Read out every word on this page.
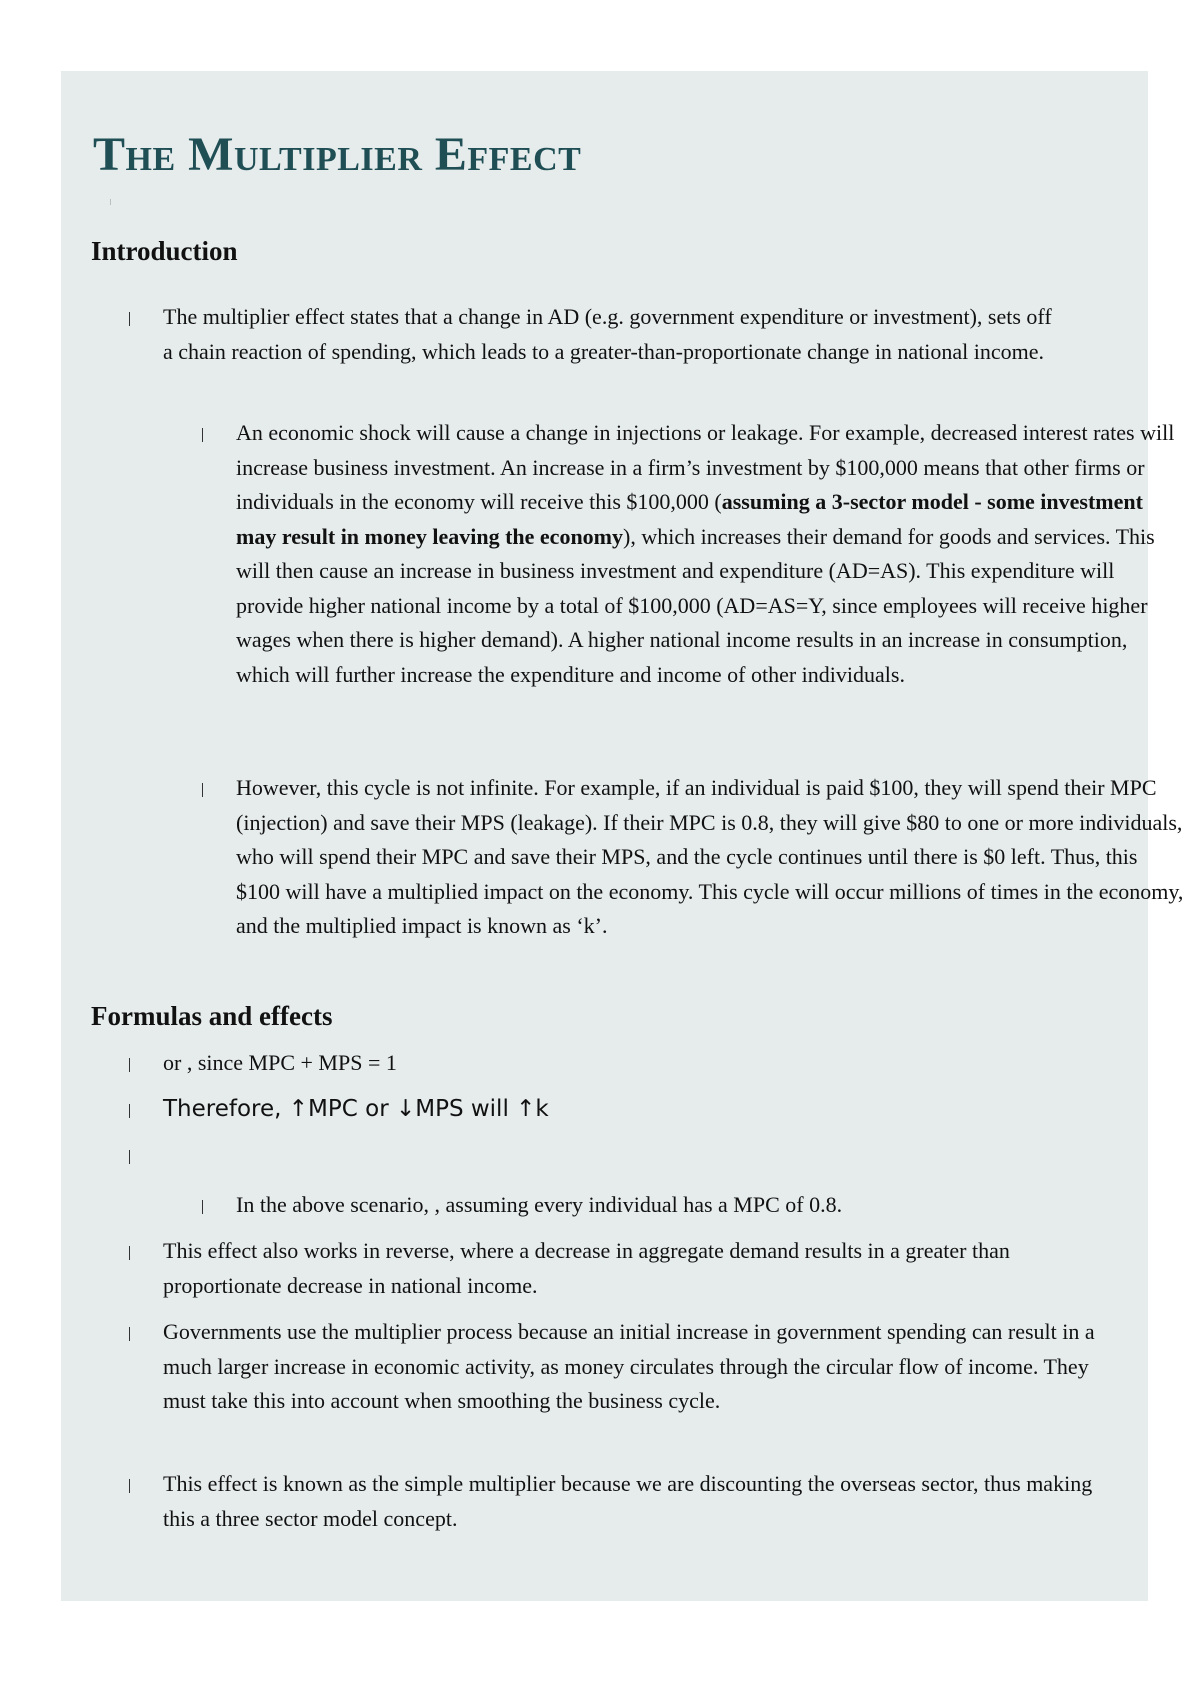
The Multiplier Effect
Introduction
The multiplier effect states that a change in AD (e.g. government expenditure or investment), sets off a chain reaction of spending, which leads to a greater-than-proportionate change in national income.
An economic shock will cause a change in injections or leakage. For example, decreased interest rates will increase business investment. An increase in a firm’s investment by $100,000 means that other firms or individuals in the economy will receive this $100,000 (assuming a 3-sector model - some investment may result in money leaving the economy), which increases their demand for goods and services. This will then cause an increase in business investment and expenditure (AD=AS). This expenditure will provide higher national income by a total of $100,000 (AD=AS=Y, since employees will receive higher wages when there is higher demand). A higher national income results in an increase in consumption, which will further increase the expenditure and income of other individuals.
However, this cycle is not infinite. For example, if an individual is paid $100, they will spend their MPC (injection) and save their MPS (leakage). If their MPC is 0.8, they will give $80 to one or more individuals, who will spend their MPC and save their MPS, and the cycle continues until there is $0 left. Thus, this $100 will have a multiplied impact on the economy. This cycle will occur millions of times in the economy, and the multiplied impact is known as ‘k’.
Formulas and effects
or , since MPC + MPS = 1
Therefore, ↑MPC or ↓MPS will ↑k
In the above scenario, , assuming every individual has a MPC of 0.8.
This effect also works in reverse, where a decrease in aggregate demand results in a greater than proportionate decrease in national income.
Governments use the multiplier process because an initial increase in government spending can result in a much larger increase in economic activity, as money circulates through the circular flow of income. They must take this into account when smoothing the business cycle.
This effect is known as the simple multiplier because we are discounting the overseas sector, thus making this a three sector model concept.
